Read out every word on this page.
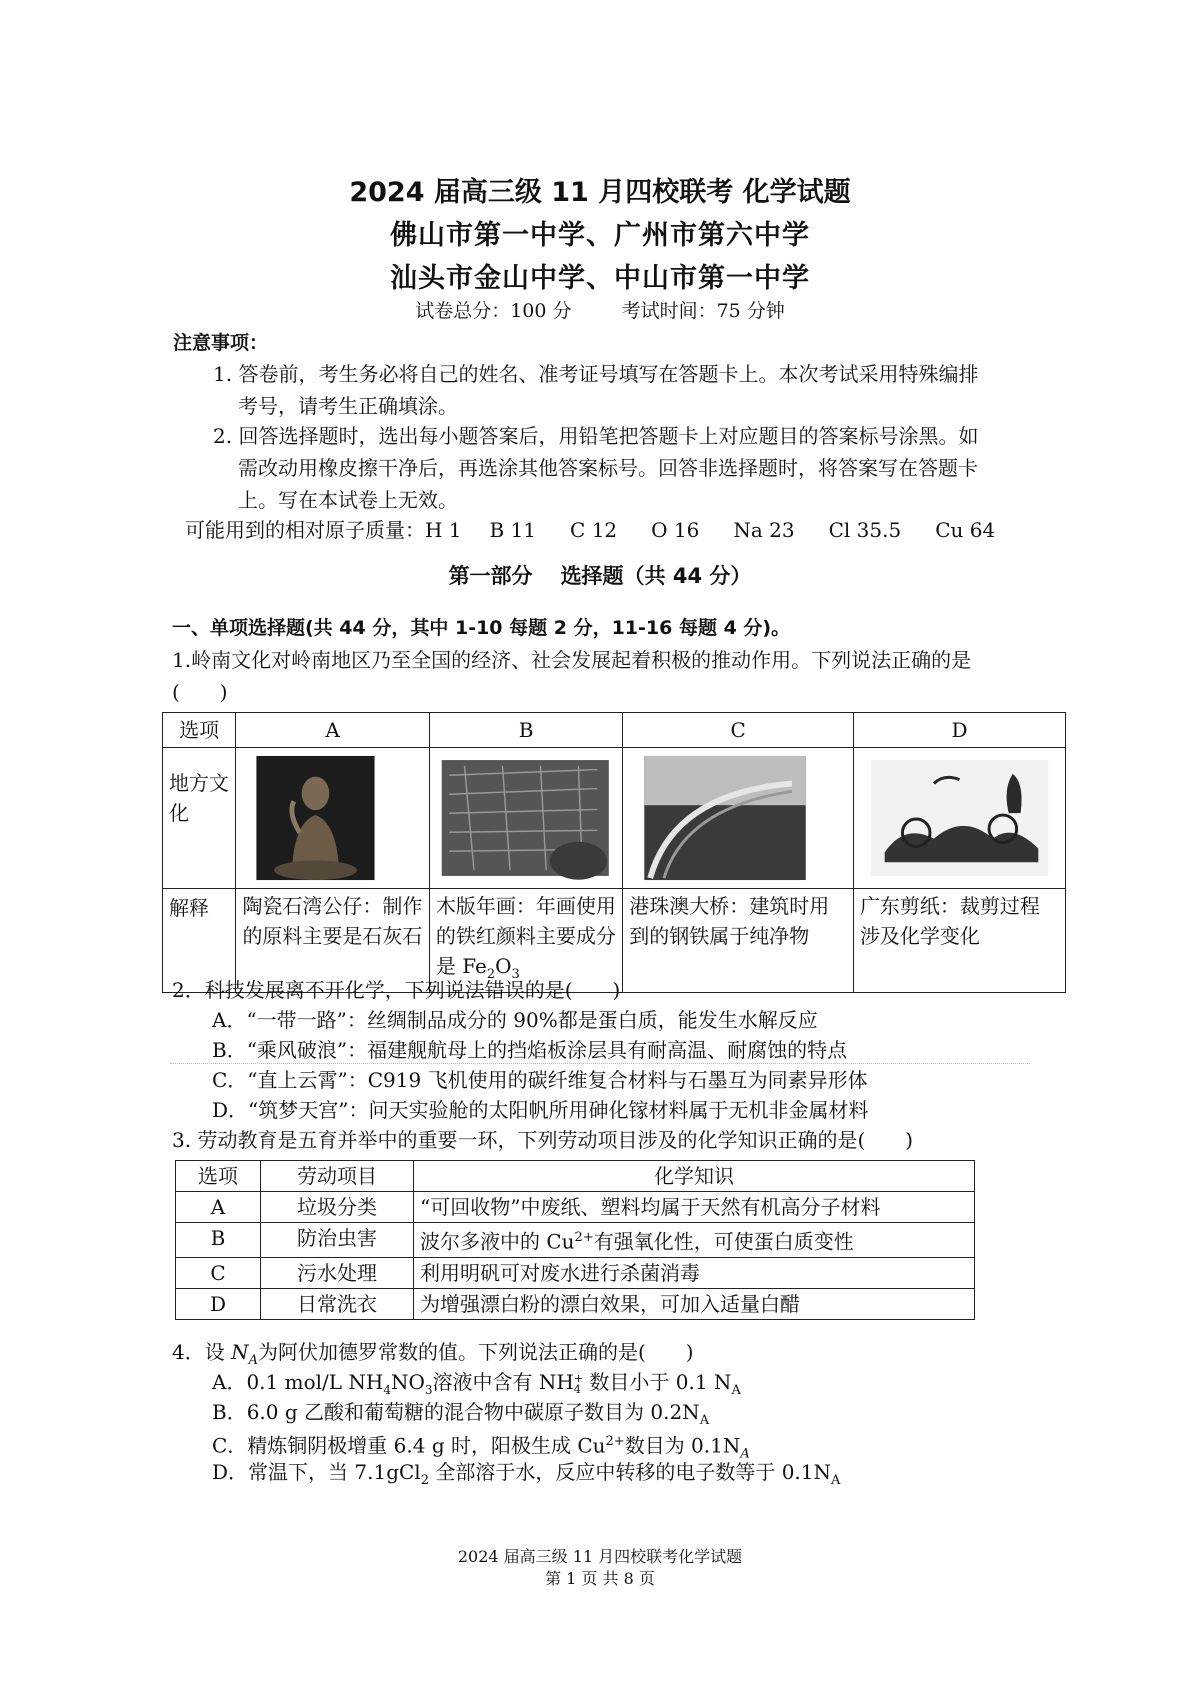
2024 届高三级 11 月四校联考 化学试题
佛山市第一中学、广州市第六中学
汕头市金山中学、中山市第一中学
试卷总分：100 分	考试时间：75 分钟
注意事项：
1. 答卷前，考生务必将自己的姓名、准考证号填写在答题卡上。本次考试采用特殊编排
考号，请考生正确填涂。
2. 回答选择题时，选出每小题答案后，用铅笔把答题卡上对应题目的答案标号涂黑。如
需改动用橡皮擦干净后，再选涂其他答案标号。回答非选择题时，将答案写在答题卡
上。写在本试卷上无效。
可能用到的相对原子质量：H 1 B 11 C 12 O 16 Na 23 Cl 35.5 Cu 64
第一部分 选择题（共 44 分）
一、单项选择题(共 44 分，其中 1-10 每题 2 分，11-16 每题 4 分)。
1.岭南文化对岭南地区乃至全国的经济、社会发展起着积极的推动作用。下列说法正确的是
(　　)
选项	A	B	C	D
地方文化	

解释	陶瓷石湾公仔：制作的原料主要是石灰石	木版年画：年画使用的铁红颜料主要成分是 $Fe_2O_3$	港珠澳大桥：建筑时用到的钢铁属于纯净物	广东剪纸：裁剪过程涉及化学变化
2．科技发展离不开化学，下列说法错误的是(　　)
A．“一带一路”：丝绸制品成分的 90%都是蛋白质，能发生水解反应
B．“乘风破浪”：福建舰航母上的挡焰板涂层具有耐高温、耐腐蚀的特点
C．“直上云霄”：C919 飞机使用的碳纤维复合材料与石墨互为同素异形体
D．“筑梦天宫”：问天实验舱的太阳帆所用砷化镓材料属于无机非金属材料
3. 劳动教育是五育并举中的重要一环，下列劳动项目涉及的化学知识正确的是(　　)
选项	劳动项目	化学知识
A	垃圾分类	“可回收物”中废纸、塑料均属于天然有机高分子材料
B	防治虫害	波尔多液中的 $Cu^{2+}$有强氧化性，可使蛋白质变性
C	污水处理	利用明矾可对废水进行杀菌消毒
D	日常洗衣	为增强漂白粉的漂白效果，可加入适量白醋
4．设 $N_A$为阿伏加德罗常数的值。下列说法正确的是(　　)
A．0.1 mol/L $NH_4NO_3$溶液中含有 NH +
4 数目小于 0.1 $N_A$
B．6.0 g 乙酸和葡萄糖的混合物中碳原子数目为 $0.2N_A$
C．精炼铜阴极增重 6.4 g 时，阳极生成 $Cu^{2+}$数目为 $0.1N_A$
D．常温下，当 7.1gCl$_2$ 全部溶于水，反应中转移的电子数等于 $0.1N_A$
2024 届高三级 11 月四校联考化学试题
第 1 页 共 8 页
